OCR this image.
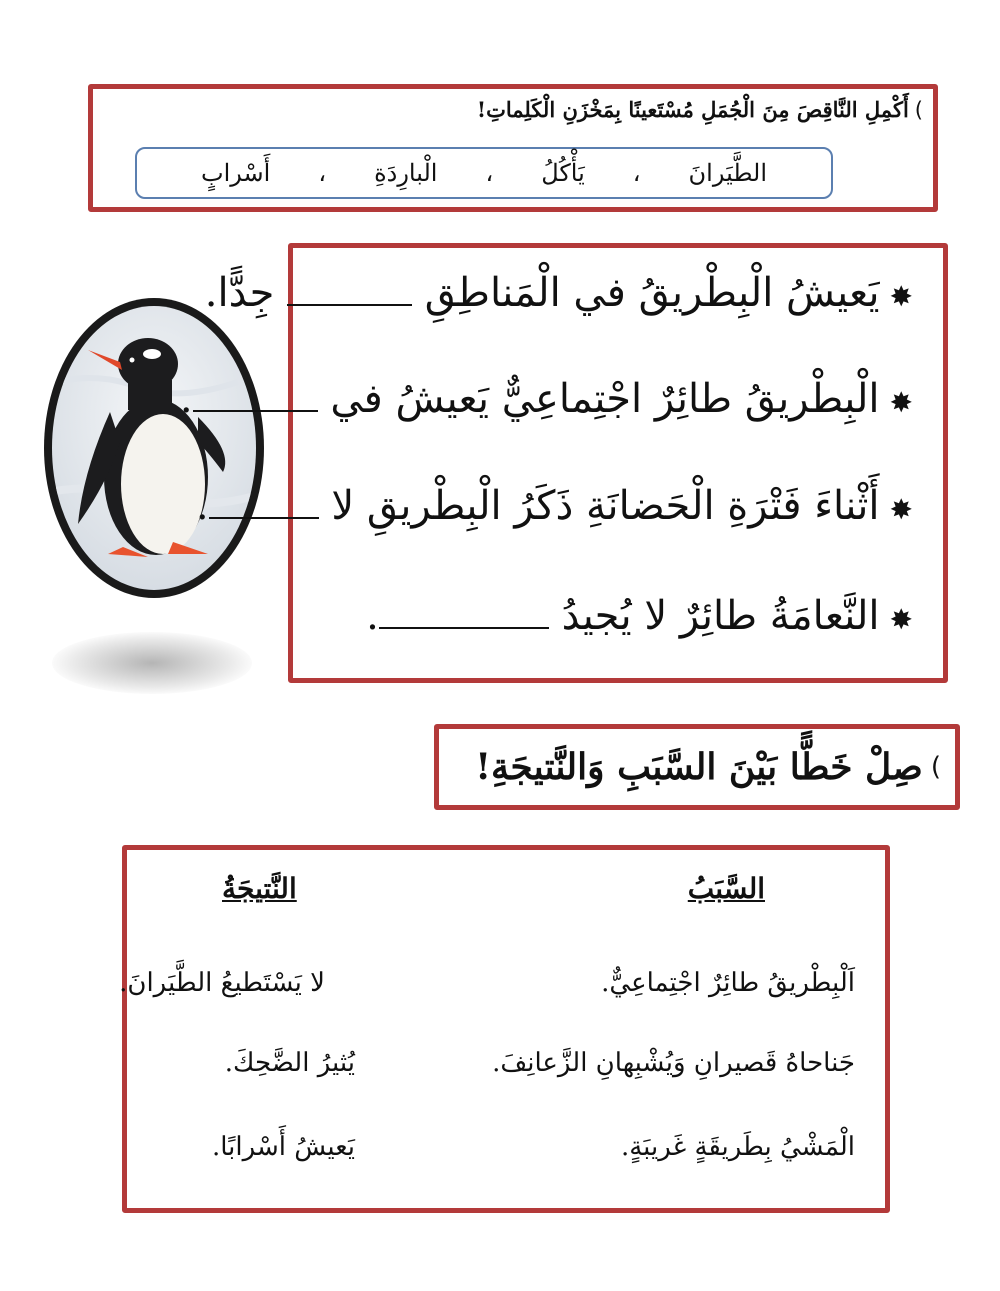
)أَكْمِلِ النَّاقِصَ مِنَ الْجُمَلِ مُسْتَعينًا بِمَخْزَنِ الْكَلِماتِ!
الطَّيَرانَ
،
يَأْكُلُ
،
الْبارِدَةِ
،
أَسْرابٍ
✸يَعيشُ الْبِطْريقُ في الْمَناطِقِ  جِدًّا.
✸الْبِطْريقُ طائِرٌ اجْتِماعِيٌّ يَعيشُ في .
✸أَثْناءَ فَتْرَةِ الْحَضانَةِ ذَكَرُ الْبِطْريقِ لا .
✸النَّعامَةُ طائِرٌ لا يُجيدُ .
)
صِلْ خَطًّا بَيْنَ السَّبَبِ وَالنَّتيجَةِ!
السَّبَبُ
النَّتيجَةُ
اَلْبِطْريقُ طائِرٌ اجْتِماعِيٌّ.
جَناحاهُ قَصيرانِ وَيُشْبِهانِ الزَّعانِفَ.
الْمَشْيُ بِطَريقَةٍ غَريبَةٍ.
لا يَسْتَطيعُ الطَّيَرانَ.
يُثيرُ الضَّحِكَ.
يَعيشُ أَسْرابًا.
